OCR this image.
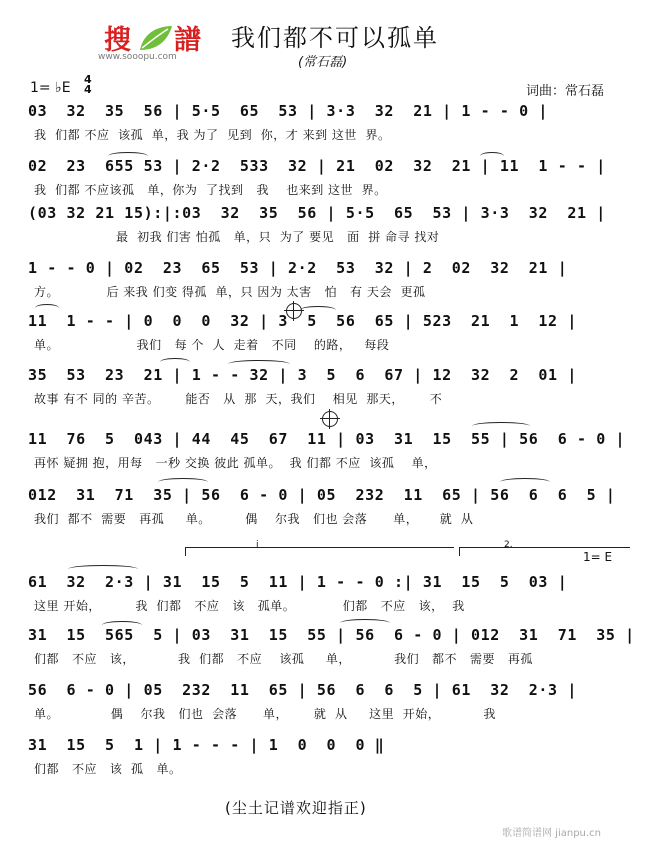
搜 譜
www.sooopu.com
我们都不可以孤单
(常石磊)
1= ♭E
4
4	词曲：常石磊
03  32  35  56 | 5·5  65  53 | 3·3  32  21 | 1 - - 0 |
我  们都 不应  该孤  单，我 为了  见到  你，才 来到 这世  界。
02  23  655 53 | 2·2  533  32 | 21  02  32  21 | 11  1 - - |
我  们都 不应该孤   单，你为  了找到   我    也来到 这世  界。
(03 32 21 15):|:03  32  35  56 | 5·5  65  53 | 3·3  32  21 |
最  初我 们害 怕孤   单，只  为了 要见   面  拼 命寻 找对
1 - - 0 | 02  23  65  53 | 2·2  53  32 | 2  02  32  21 |
方。           后 来我 们变 得孤  单，只 因为 太害   怕   有 天会  更孤
11  1 - - | 0  0  0  32 | 3  5  56  65 | 523  21  1  12 |
单。                  我们   每 个  人  走着   不同    的路，   每段
35  53  23  21 | 1 - - 32 | 3  5  6  67 | 12  32  2  01 |
故事 有不 同的 辛苦。      能否   从  那  天，我们    相见  那天，      不
11  76  5  043 | 44  45  67  11 | 03  31  15  55 | 56  6 - 0 |
再怀 疑拥 抱，用每   一秒 交换 彼此 孤单。  我 们都 不应  该孤    单，
012  31  71  35 | 56  6 - 0 | 05  232  11  65 | 56  6  6  5 |
我们  都不  需要   再孤     单。        偶    尔我   们也 会落      单，     就  从
61  32  2·3 | 31  15  5  11 | 1 - - 0 :| 31  15  5  03 |
这里 开始，        我  们都   不应   该   孤单。           们都   不应   该，  我
31  15  565  5 | 03  31  15  55 | 56  6 - 0 | 012  31  71  35 |
们都   不应   该，          我  们都   不应    该孤     单，          我们   都不   需要   再孤
56  6 - 0 | 05  232  11  65 | 56  6  6  5 | 61  32  2·3 |
单。            偶    尔我   们也  会落      单，      就  从     这里  开始，          我
31  15  5  1 | 1 - - - | 1  0  0  0 ‖
们都   不应   该  孤   单。
i	2.
1= E
(尘土记谱欢迎指正)
歌谱简谱网 jianpu.cn
